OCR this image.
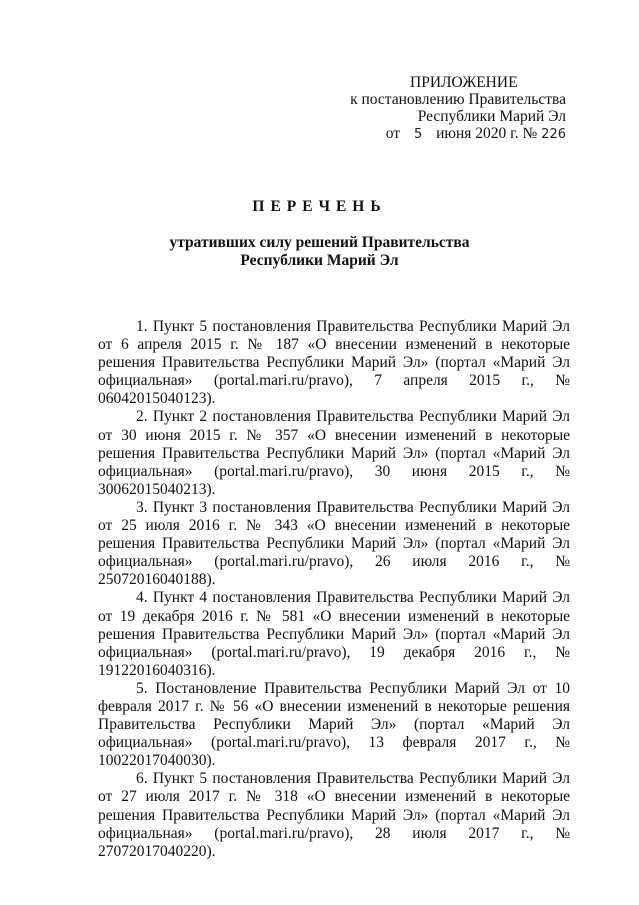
ПРИЛОЖЕНИЕ
к постановлению Правительства
Республики Марий Эл
от 5 июня 2020 г. № 226
ПЕРЕЧЕНЬ
утративших силу решений Правительства
Республики Марий Эл

1. Пункт 5 постановления Правительства Республики Марий Эл от 6 апреля 2015 г. № 187 «О внесении изменений в некоторые решения Правительства Республики Марий Эл» (портал «Марий Эл официальная» (portal.mari.ru/pravo), 7 апреля 2015 г., № 06042015040123).

2. Пункт 2 постановления Правительства Республики Марий Эл от 30 июня 2015 г. № 357 «О внесении изменений в некоторые решения Правительства Республики Марий Эл» (портал «Марий Эл официальная» (portal.mari.ru/pravo), 30 июня 2015 г., № 30062015040213).

3. Пункт 3 постановления Правительства Республики Марий Эл от 25 июля 2016 г. № 343 «О внесении изменений в некоторые решения Правительства Республики Марий Эл» (портал «Марий Эл официальная» (portal.mari.ru/pravo), 26 июля 2016 г., № 25072016040188).

4. Пункт 4 постановления Правительства Республики Марий Эл от 19 декабря 2016 г. № 581 «О внесении изменений в некоторые решения Правительства Республики Марий Эл» (портал «Марий Эл официальная» (portal.mari.ru/pravo), 19 декабря 2016 г., № 19122016040316).

5. Постановление Правительства Республики Марий Эл от 10 февраля 2017 г. № 56 «О внесении изменений в некоторые решения Правительства Республики Марий Эл» (портал «Марий Эл официальная» (portal.mari.ru/pravo), 13 февраля 2017 г., № 10022017040030).

6. Пункт 5 постановления Правительства Республики Марий Эл от 27 июля 2017 г. № 318 «О внесении изменений в некоторые решения Правительства Республики Марий Эл» (портал «Марий Эл официальная» (portal.mari.ru/pravo), 28 июля 2017 г., № 27072017040220).
